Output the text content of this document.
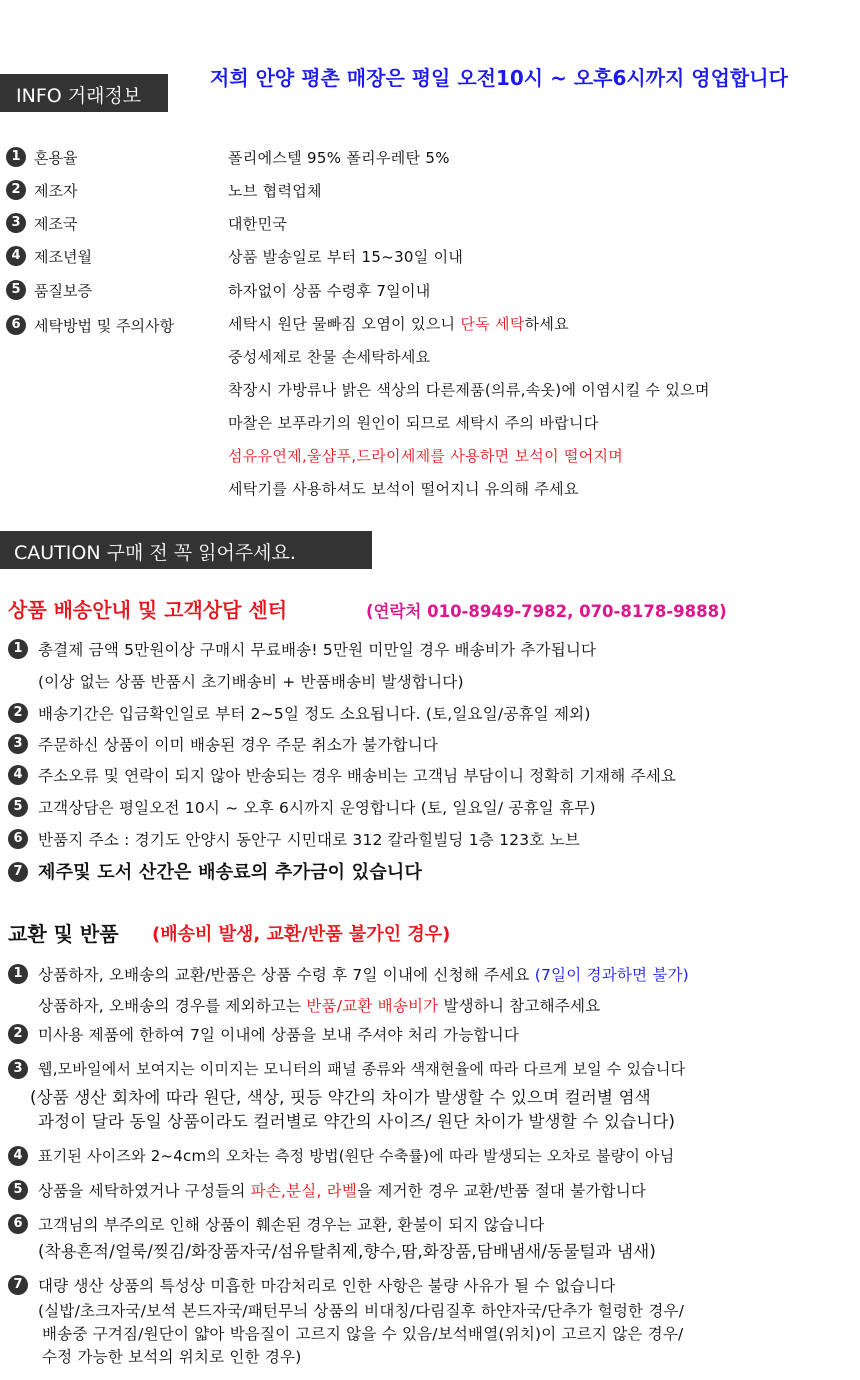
INFO 거래정보
저희 안양 평촌 매장은 평일 오전10시 ~ 오후6시까지 영업합니다
1 혼용율	폴리에스텔 95% 폴리우레탄 5%
2 제조자	노브 협력업체
3 제조국	대한민국
4 제조년월	상품 발송일로 부터 15~30일 이내
5 품질보증	하자없이 상품 수령후 7일이내
6 세탁방법 및 주의사항	세탁시 원단 물빠짐 오염이 있으니 단독 세탁하세요
중성세제로 찬물 손세탁하세요
착장시 가방류나 밝은 색상의 다른제품(의류,속옷)에 이염시킬 수 있으며
마찰은 보푸라기의 원인이 되므로 세탁시 주의 바랍니다
섬유유연제,울샴푸,드라이세제를 사용하면 보석이 떨어지며
세탁기를 사용하셔도 보석이 떨어지니 유의해 주세요
CAUTION 구매 전 꼭 읽어주세요.
상품 배송안내 및 고객상담 센터	(연락처 010-8949-7982, 070-8178-9888)
1 총결제 금액 5만원이상 구매시 무료배송! 5만원 미만일 경우 배송비가 추가됩니다
(이상 없는 상품 반품시 초기배송비 + 반품배송비 발생합니다)
2 배송기간은 입금확인일로 부터 2~5일 정도 소요됩니다. (토,일요일/공휴일 제외)
3 주문하신 상품이 이미 배송된 경우 주문 취소가 불가합니다
4 주소오류 및 연락이 되지 않아 반송되는 경우 배송비는 고객님 부담이니 정확히 기재해 주세요
5 고객상담은 평일오전 10시 ~ 오후 6시까지 운영합니다 (토, 일요일/ 공휴일 휴무)
6 반품지 주소 : 경기도 안양시 동안구 시민대로 312 칼라힐빌딩 1층 123호 노브
7 제주및 도서 산간은 배송료의 추가금이 있습니다
교환 및 반품 (배송비 발생, 교환/반품 불가인 경우)
1 상품하자, 오배송의 교환/반품은 상품 수령 후 7일 이내에 신청해 주세요 (7일이 경과하면 불가)
상품하자, 오배송의 경우를 제외하고는 반품/교환 배송비가 발생하니 참고해주세요
2 미사용 제품에 한하여 7일 이내에 상품을 보내 주셔야 처리 가능합니다
3	웹,모바일에서 보여지는 이미지는 모니터의 패널 종류와 색재현율에 따라 다르게 보일 수 있습니다
(상품 생산 회차에 따라 원단, 색상, 핏등 약간의 차이가 발생할 수 있으며 컬러별 염색
과정이 달라 동일 상품이라도 컬러별로 약간의 사이즈/ 원단 차이가 발생할 수 있습니다)
4	표기된 사이즈와 2~4cm의 오차는 측정 방법(원단 수축률)에 따라 발생되는 오차로 불량이 아님
5 상품을 세탁하였거나 구성들의 파손,분실, 라벨을 제거한 경우 교환/반품 절대 불가합니다
6 고객님의 부주의로 인해 상품이 훼손된 경우는 교환, 환불이 되지 않습니다
(착용흔적/얼룩/찢김/화장품자국/섬유탈취제,향수,땀,화장품,담배냄새/동물털과 냄새)
7 대량 생산 상품의 특성상 미흡한 마감처리로 인한 사항은 불량 사유가 될 수 없습니다
(실밥/초크자국/보석 본드자국/패턴무늬 상품의 비대칭/다림질후 하얀자국/단추가 헐렁한 경우/
배송중 구겨짐/원단이 얇아 박음질이 고르지 않을 수 있음/보석배열(위치)이 고르지 않은 경우/
수정 가능한 보석의 위치로 인한 경우)
